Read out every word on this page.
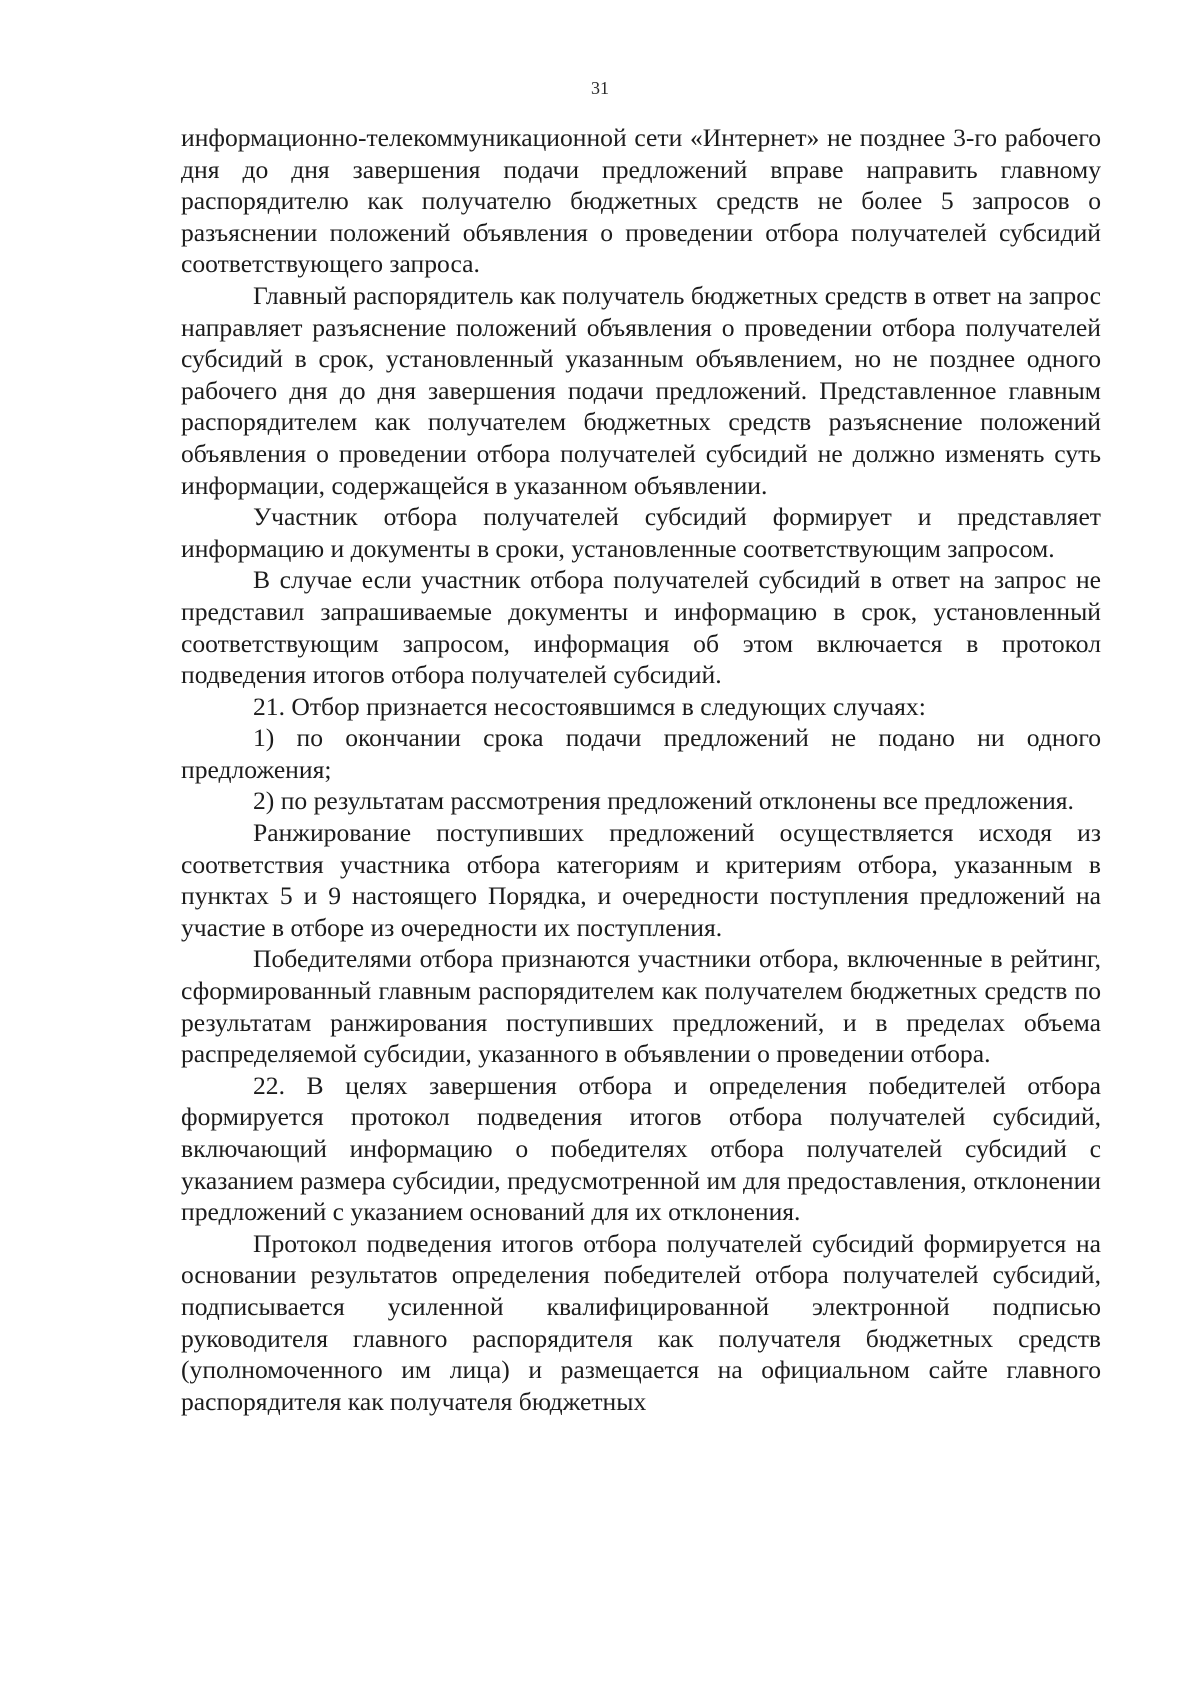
31

информационно-телекоммуникационной сети «Интернет» не позднее 3-го рабочего дня до дня завершения подачи предложений вправе направить главному распорядителю как получателю бюджетных средств не более 5 запросов о разъяснении положений объявления о проведении отбора получателей субсидий соответствующего запроса.

Главный распорядитель как получатель бюджетных средств в ответ на запрос направляет разъяснение положений объявления о проведении отбора получателей субсидий в срок, установленный указанным объявлением, но не позднее одного рабочего дня до дня завершения подачи предложений. Представленное главным распорядителем как получателем бюджетных средств разъяснение положений объявления о проведении отбора получателей субсидий не должно изменять суть информации, содержащейся в указанном объявлении.

Участник отбора получателей субсидий формирует и представляет информацию и документы в сроки, установленные соответствующим запросом.

В случае если участник отбора получателей субсидий в ответ на запрос не представил запрашиваемые документы и информацию в срок, установленный соответствующим запросом, информация об этом включается в протокол подведения итогов отбора получателей субсидий.

21. Отбор признается несостоявшимся в следующих случаях:

1) по окончании срока подачи предложений не подано ни одного предложения;

2) по результатам рассмотрения предложений отклонены все предложения.

Ранжирование поступивших предложений осуществляется исходя из соответствия участника отбора категориям и критериям отбора, указанным в пунктах 5 и 9 настоящего Порядка, и очередности поступления предложений на участие в отборе из очередности их поступления.

Победителями отбора признаются участники отбора, включенные в рейтинг, сформированный главным распорядителем как получателем бюджетных средств по результатам ранжирования поступивших предложений, и в пределах объема распределяемой субсидии, указанного в объявлении о проведении отбора.

22. В целях завершения отбора и определения победителей отбора формируется протокол подведения итогов отбора получателей субсидий, включающий информацию о победителях отбора получателей субсидий с указанием размера субсидии, предусмотренной им для предоставления, отклонении предложений с указанием оснований для их отклонения.

Протокол подведения итогов отбора получателей субсидий формируется на основании результатов определения победителей отбора получателей субсидий, подписывается усиленной квалифицированной электронной подписью руководителя главного распорядителя как получателя бюджетных средств (уполномоченного им лица) и размещается на официальном сайте главного распорядителя как получателя бюджетных
